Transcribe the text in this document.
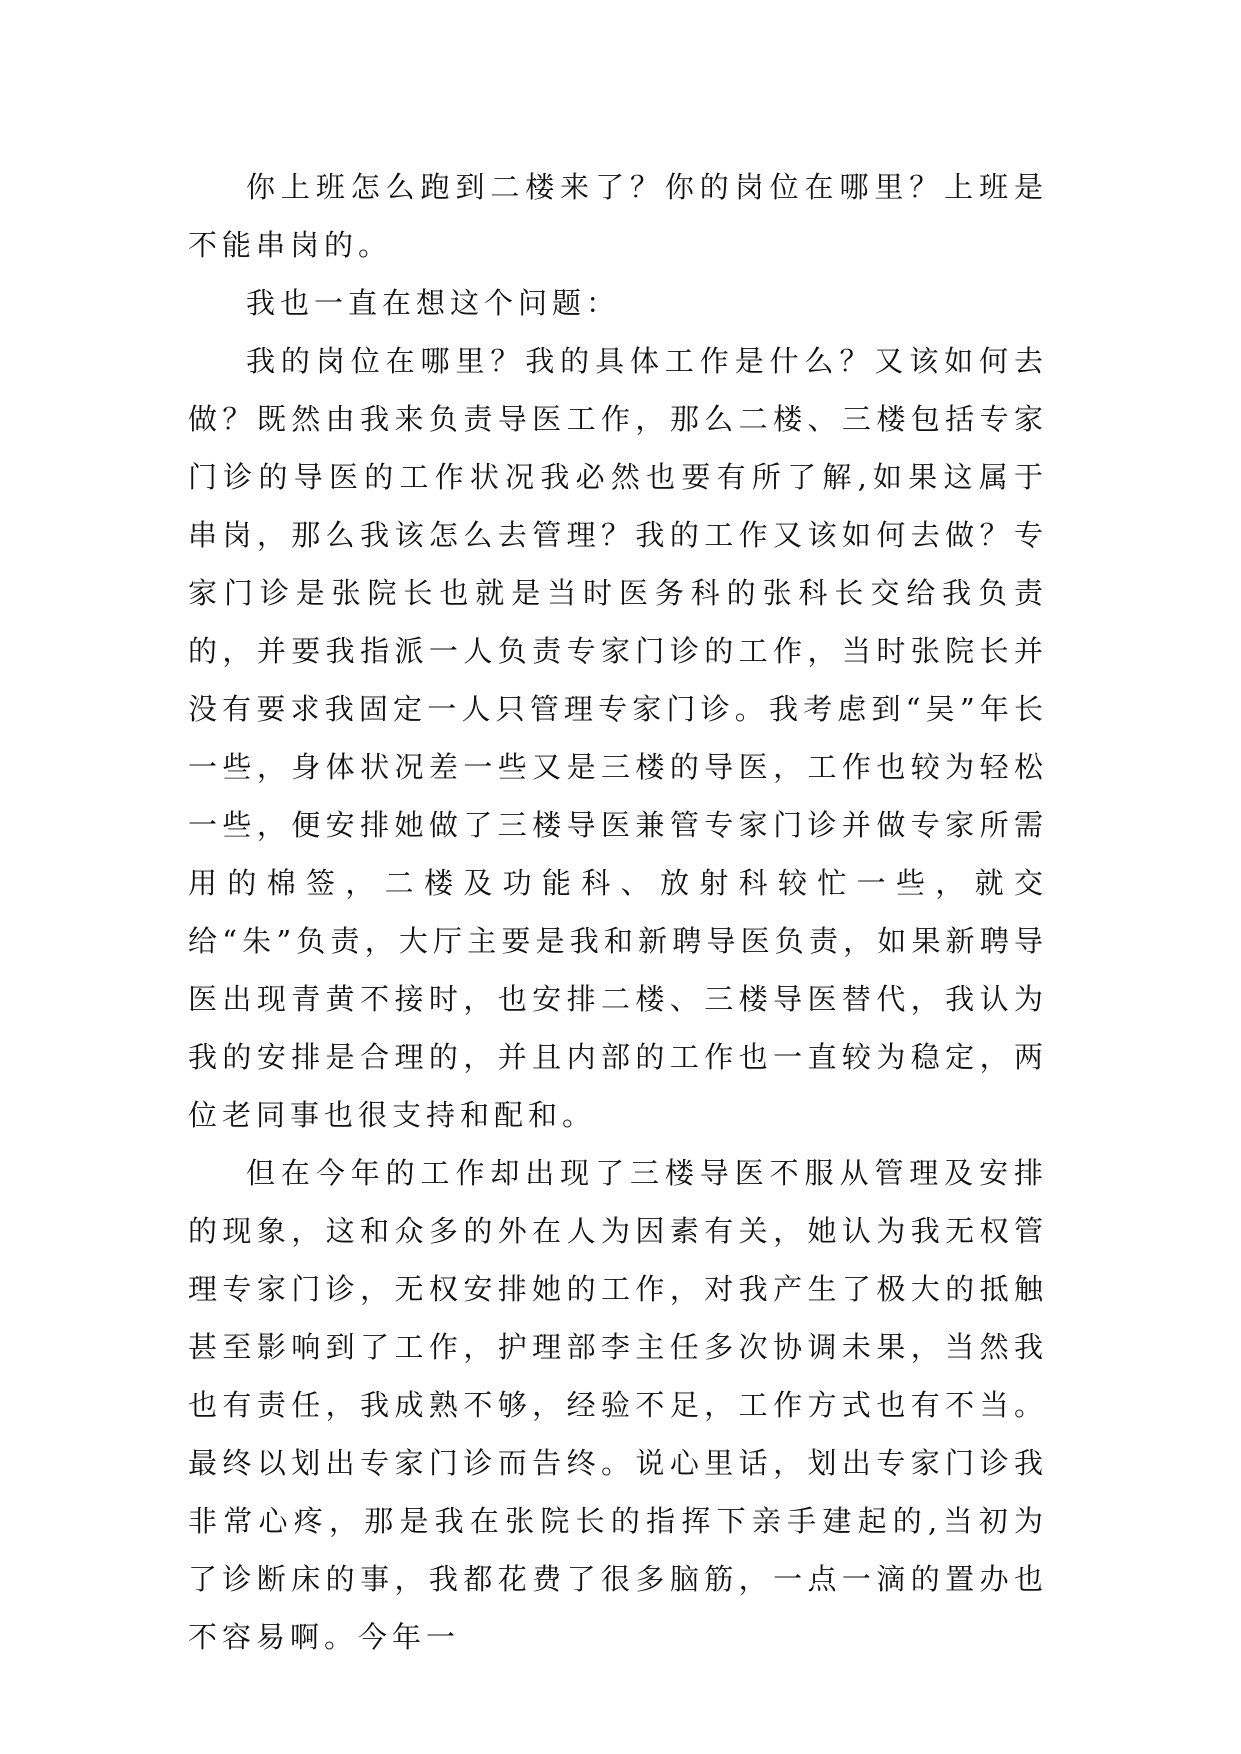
你上班怎么跑到二楼来了？你的岗位在哪里？上班是不能串岗的。

我也一直在想这个问题：

我的岗位在哪里？我的具体工作是什么？又该如何去做？既然由我来负责导医工作，那么二楼、三楼包括专家门诊的导医的工作状况我必然也要有所了解,如果这属于串岗，那么我该怎么去管理？我的工作又该如何去做？专家门诊是张院长也就是当时医务科的张科长交给我负责的，并要我指派一人负责专家门诊的工作，当时张院长并没有要求我固定一人只管理专家门诊。我考虑到“吴”年长一些，身体状况差一些又是三楼的导医，工作也较为轻松一些，便安排她做了三楼导医兼管专家门诊并做专家所需用的棉签，二楼及功能科、放射科较忙一些，就交给“朱”负责，大厅主要是我和新聘导医负责，如果新聘导医出现青黄不接时，也安排二楼、三楼导医替代，我认为我的安排是合理的，并且内部的工作也一直较为稳定，两位老同事也很支持和配和。

但在今年的工作却出现了三楼导医不服从管理及安排的现象，这和众多的外在人为因素有关，她认为我无权管理专家门诊，无权安排她的工作，对我产生了极大的抵触甚至影响到了工作，护理部李主任多次协调未果，当然我也有责任，我成熟不够，经验不足，工作方式也有不当。最终以划出专家门诊而告终。说心里话，划出专家门诊我非常心疼，那是我在张院长的指挥下亲手建起的,当初为了诊断床的事，我都花费了很多脑筋，一点一滴的置办也不容易啊。今年一
